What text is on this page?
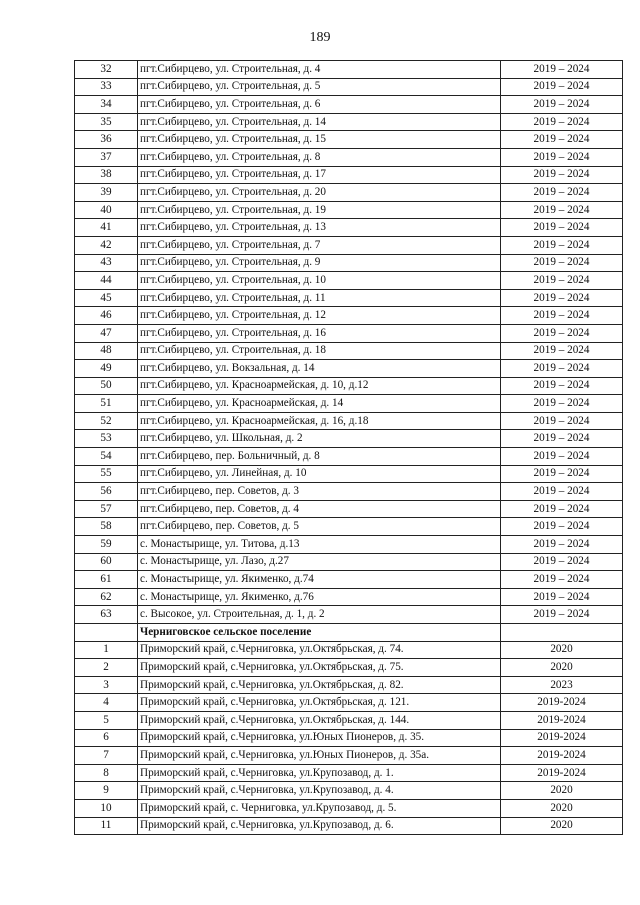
189
32	пгт.Сибирцево, ул. Строительная, д. 4	2019 – 2024
33	пгт.Сибирцево, ул. Строительная, д. 5	2019 – 2024
34	пгт.Сибирцево, ул. Строительная, д. 6	2019 – 2024
35	пгт.Сибирцево, ул. Строительная, д. 14	2019 – 2024
36	пгт.Сибирцево, ул. Строительная, д. 15	2019 – 2024
37	пгт.Сибирцево, ул. Строительная, д. 8	2019 – 2024
38	пгт.Сибирцево, ул. Строительная, д. 17	2019 – 2024
39	пгт.Сибирцево, ул. Строительная, д. 20	2019 – 2024
40	пгт.Сибирцево, ул. Строительная, д. 19	2019 – 2024
41	пгт.Сибирцево, ул. Строительная, д. 13	2019 – 2024
42	пгт.Сибирцево, ул. Строительная, д. 7	2019 – 2024
43	пгт.Сибирцево, ул. Строительная, д. 9	2019 – 2024
44	пгт.Сибирцево, ул. Строительная, д. 10	2019 – 2024
45	пгт.Сибирцево, ул. Строительная, д. 11	2019 – 2024
46	пгт.Сибирцево, ул. Строительная, д. 12	2019 – 2024
47	пгт.Сибирцево, ул. Строительная, д. 16	2019 – 2024
48	пгт.Сибирцево, ул. Строительная, д. 18	2019 – 2024
49	пгт.Сибирцево, ул. Вокзальная, д. 14	2019 – 2024
50	пгт.Сибирцево, ул. Красноармейская, д. 10, д.12	2019 – 2024
51	пгт.Сибирцево, ул. Красноармейская, д. 14	2019 – 2024
52	пгт.Сибирцево, ул. Красноармейская, д. 16, д.18	2019 – 2024
53	пгт.Сибирцево, ул. Школьная, д. 2	2019 – 2024
54	пгт.Сибирцево, пер. Больничный, д. 8	2019 – 2024
55	пгт.Сибирцево, ул. Линейная, д. 10	2019 – 2024
56	пгт.Сибирцево, пер. Советов, д. 3	2019 – 2024
57	пгт.Сибирцево, пер. Советов, д. 4	2019 – 2024
58	пгт.Сибирцево, пер. Советов, д. 5	2019 – 2024
59	с. Монастырище, ул. Титова, д.13	2019 – 2024
60	с. Монастырище, ул. Лазо, д.27	2019 – 2024
61	с. Монастырище, ул. Якименко, д.74	2019 – 2024
62	с. Монастырище, ул. Якименко, д.76	2019 – 2024
63	с. Высокое, ул. Строительная, д. 1, д. 2	2019 – 2024
	Черниговское сельское поселение	
1	Приморский край, с.Черниговка, ул.Октябрьская, д. 74.	2020
2	Приморский край, с.Черниговка, ул.Октябрьская, д. 75.	2020
3	Приморский край, с.Черниговка, ул.Октябрьская, д. 82.	2023
4	Приморский край, с.Черниговка, ул.Октябрьская, д. 121.	2019-2024
5	Приморский край, с.Черниговка, ул.Октябрьская, д. 144.	2019-2024
6	Приморский край, с.Черниговка, ул.Юных Пионеров, д. 35.	2019-2024
7	Приморский край, с.Черниговка, ул.Юных Пионеров, д. 35а.	2019-2024
8	Приморский край, с.Черниговка, ул.Крупозавод, д. 1.	2019-2024
9	Приморский край, с.Черниговка, ул.Крупозавод, д. 4.	2020
10	Приморский край, с. Черниговка, ул.Крупозавод, д. 5.	2020
11	Приморский край, с.Черниговка, ул.Крупозавод, д. 6.	2020
